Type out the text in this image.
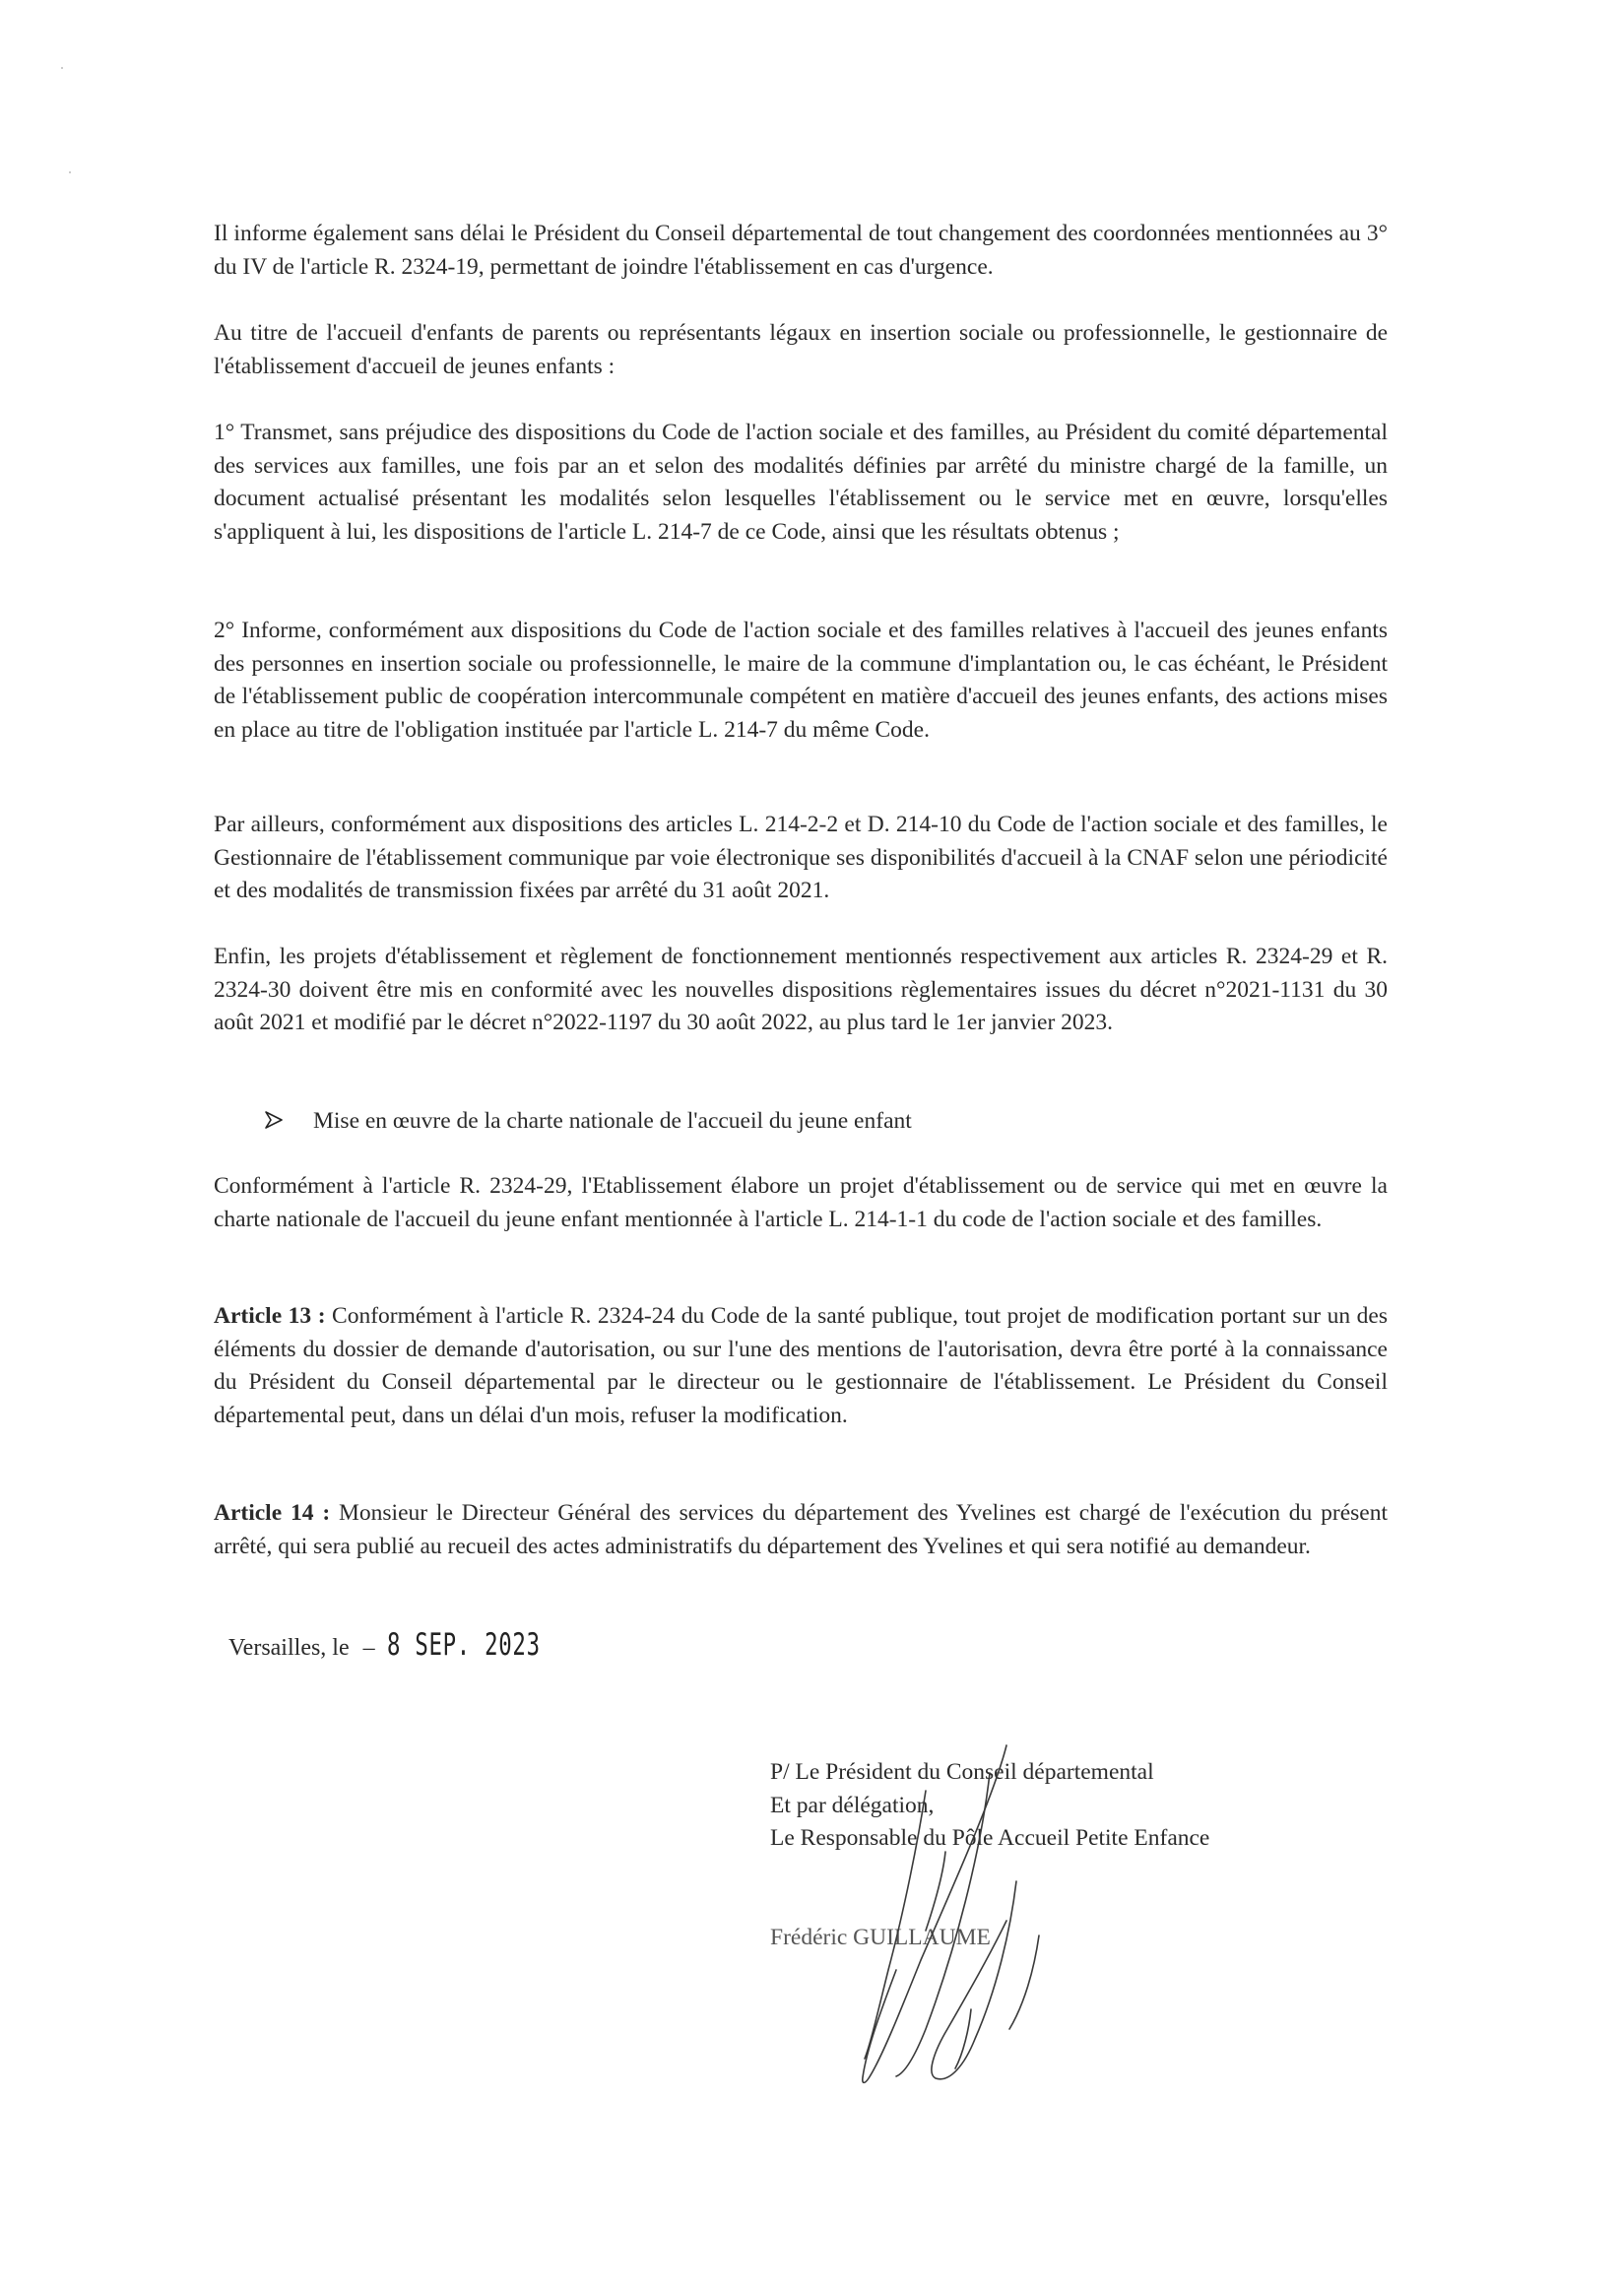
Il informe également sans délai le Président du Conseil départemental de tout changement des coordonnées mentionnées au 3° du IV de l'article R. 2324-19, permettant de joindre l'établissement en cas d'urgence.

Au titre de l'accueil d'enfants de parents ou représentants légaux en insertion sociale ou professionnelle, le gestionnaire de l'établissement d'accueil de jeunes enfants :

1° Transmet, sans préjudice des dispositions du Code de l'action sociale et des familles, au Président du comité départemental des services aux familles, une fois par an et selon des modalités définies par arrêté du ministre chargé de la famille, un document actualisé présentant les modalités selon lesquelles l'établissement ou le service met en œuvre, lorsqu'elles s'appliquent à lui, les dispositions de l'article L. 214-7 de ce Code, ainsi que les résultats obtenus ;

2° Informe, conformément aux dispositions du Code de l'action sociale et des familles relatives à l'accueil des jeunes enfants des personnes en insertion sociale ou professionnelle, le maire de la commune d'implantation ou, le cas échéant, le Président de l'établissement public de coopération intercommunale compétent en matière d'accueil des jeunes enfants, des actions mises en place au titre de l'obligation instituée par l'article L. 214-7 du même Code.

Par ailleurs, conformément aux dispositions des articles L. 214-2-2 et D. 214-10 du Code de l'action sociale et des familles, le Gestionnaire de l'établissement communique par voie électronique ses disponibilités d'accueil à la CNAF selon une périodicité et des modalités de transmission fixées par arrêté du 31 août 2021.

Enfin, les projets d'établissement et règlement de fonctionnement mentionnés respectivement aux articles R. 2324-29 et R. 2324-30 doivent être mis en conformité avec les nouvelles dispositions règlementaires issues du décret n°2021-1131 du 30 août 2021 et modifié par le décret n°2022-1197 du 30 août 2022, au plus tard le 1er janvier 2023.

Mise en œuvre de la charte nationale de l'accueil du jeune enfant

Conformément à l'article R. 2324-29, l'Etablissement élabore un projet d'établissement ou de service qui met en œuvre la charte nationale de l'accueil du jeune enfant mentionnée à l'article L. 214-1-1 du code de l'action sociale et des familles.

Article 13 : Conformément à l'article R. 2324-24 du Code de la santé publique, tout projet de modification portant sur un des éléments du dossier de demande d'autorisation, ou sur l'une des mentions de l'autorisation, devra être porté à la connaissance du Président du Conseil départemental par le directeur ou le gestionnaire de l'établissement. Le Président du Conseil départemental peut, dans un délai d'un mois, refuser la modification.

Article 14 : Monsieur le Directeur Général des services du département des Yvelines est chargé de l'exécution du présent arrêté, qui sera publié au recueil des actes administratifs du département des Yvelines et qui sera notifié au demandeur.

Versailles, le – 8 SEP. 2023
P/ Le Président du Conseil départemental
Et par délégation,
Le Responsable du Pôle Accueil Petite Enfance
Frédéric GUILLAUME
